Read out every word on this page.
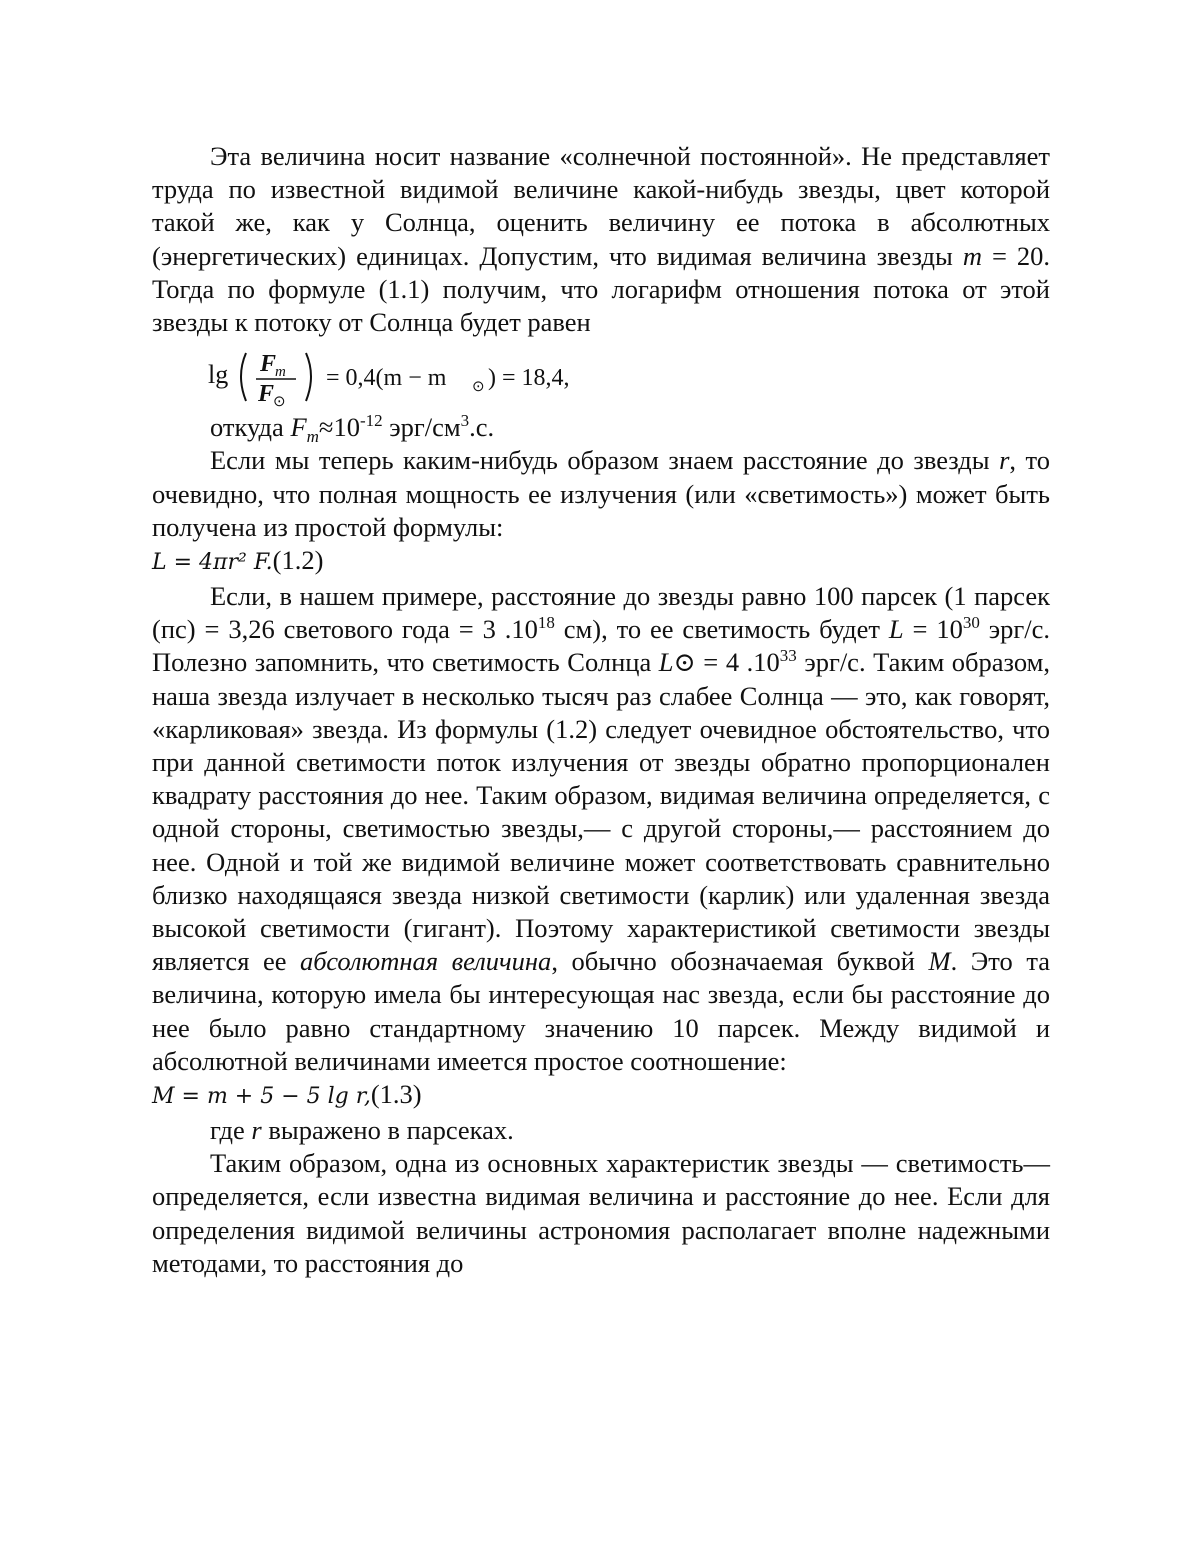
Эта величина носит название «солнечной постоянной». Не представляет труда по известной видимой величине какой-нибудь звезды, цвет которой такой же, как у Солнца, оценить величину ее потока в абсолютных (энергетических) единицах. Допустим, что видимая величина звезды m = 20. Тогда по формуле (1.1) получим, что логарифм отношения потока от этой звезды к потоку от Солнца будет равен

lg F
m
F
⊙
= 0,4(m − m ⊙ ) = 18,4,

откуда $F_m\approx 10^{-12}$ эрг/$см^3.с$.

Если мы теперь каким-нибудь образом знаем расстояние до звезды r, то очевидно, что полная мощность ее излучения (или «светимость») может быть получена из простой формулы:

L = 4πr² F.(1.2)

Если, в нашем примере, расстояние до звезды равно 100 парсек (1 парсек (пс) = 3,26 светового года = 3 $.10^{18}$ см), то ее светимость будет $L = 10^{30}$ эрг/с. Полезно запомнить, что светимость Солнца L⊙ = 4 $.10^{33}$ эрг/с. Таким образом, наша звезда излучает в несколько тысяч раз слабее Солнца — это, как говорят, «карликовая» звезда. Из формулы (1.2) следует очевидное обстоятельство, что при данной светимости поток излучения от звезды обратно пропорционален квадрату расстояния до нее. Таким образом, видимая величина определяется, с одной стороны, светимостью звезды,— с другой стороны,— расстоянием до нее. Одной и той же видимой величине может соответствовать сравнительно близко находящаяся звезда низкой светимости (карлик) или удаленная звезда высокой светимости (гигант). Поэтому характеристикой светимости звезды является ее абсолютная величина, обычно обозначаемая буквой M. Это та величина, которую имела бы интересующая нас звезда, если бы расстояние до нее было равно стандартному значению 10 парсек. Между видимой и абсолютной величинами имеется простое соотношение:

M = m + 5 − 5 lg r,(1.3)

где r выражено в парсеках.

Таким образом, одна из основных характеристик звезды — светимость— определяется, если известна видимая величина и расстояние до нее. Если для определения видимой величины астрономия располагает вполне надежными методами, то расстояния до
